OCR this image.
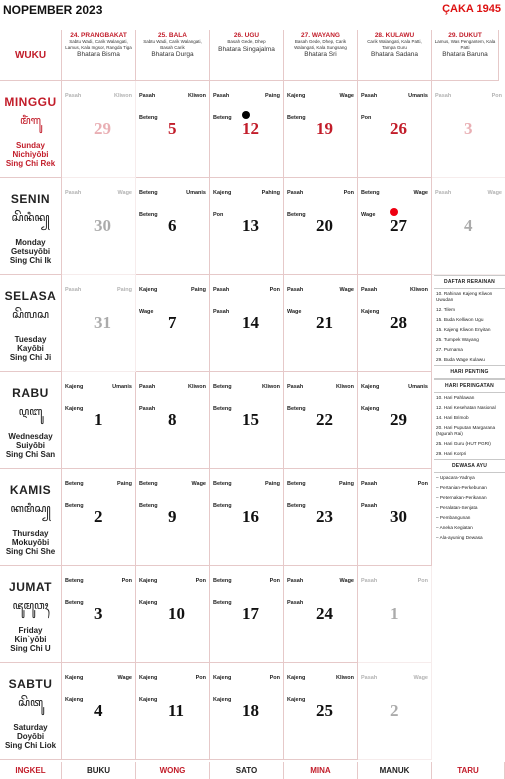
NOPEMBER 2023	ÇAKA 1945
WUKU
24. PRANGBAKAT
Sabtu Wadi, Carik Walangati, Lamus, Kala Ingsor, Rangda Tiga
Bhatara Bisma
25. BALA
Sabtu Wadi, Carik Walangati, Basah Carik
Bhatara Durga
26. UGU
Basah Gede, Dhep
Bhatara Singajalma
27. WAYANG
Basah Gede, Dhep, Carik Walangati, Kala Sungsang
Bhatara Sri
28. KULAWU
Carik Walangati, Kala Patti, Tampa Guru
Bhatara Sadana
29. DUKUT
Lamus, Was Pengantem, Kala Patti
Bhatara Baruna
MINGGU
ꦩꦶꦁꦒꦸ
Sunday
Nichiyōbi
Sing Chi Rek
SENIN
ꦱꦼꦤꦶꦤ꧀
Monday
Getsuyōbi
Sing Chi Ik
SELASA
ꦱꦼꦭꦱ
Tuesday
Kayōbi
Sing Chi Ji
RABU
ꦉꦧꦸ
Wednesday
Suiyōbi
Sing Chi San
KAMIS
ꦏꦩꦶꦱ꧀
Thursday
Mokuyōbi
Sing Chi She
JUMAT
ꦗꦸꦩꦸꦮꦃ
Friday
Kin`yōbi
Sing Chi U
SABTU
ꦱꦼꦠꦸ
Saturday
Doyōbi
Sing Chi Liok
Pasah	Kliwon
29
Pasah	Kliwon
Beteng
5
Pasah	Paing
Beteng
12
Kajeng	Wage
Beteng
19
Pasah	Umanis
Pon
26
Pasah	Pon
3
Pasah	Wage
30
Beteng	Umanis
Beteng
6
Kajeng	Pahing
Pon
13
Pasah	Pon
Beteng
20
Beteng	Wage
Wage
27
Pasah	Wage
4
Pasah	Paing
31
Kajeng	Paing
Wage
7
Pasah	Pon
Pasah
14
Pasah	Wage
Wage
21
Pasah	Kliwon
Kajeng
28
Kajeng	Umanis
Kajeng
1
Pasah	Kliwon
Pasah
8
Beteng	Kliwon
Beteng
15
Pasah	Kliwon
Beteng
22
Kajeng	Umanis
Kajeng
29
Beteng	Paing
Beteng
2
Beteng	Wage
Beteng
9
Beteng	Paing
Beteng
16
Beteng	Paing
Beteng
23
Pasah	Pon
Pasah
30
Beteng	Pon
Beteng
3
Kajeng	Pon
Kajeng
10
Beteng	Pon
Beteng
17
Pasah	Wage
Pasah
24
Pasah	Pon
1
Kajeng	Wage
Kajeng
4
Kajeng	Pon
Kajeng
11
Kajeng	Pon
Kajeng
18
Kajeng	Kliwon
Kajeng
25
Pasah	Wage
2
DAFTAR RERAINAN
10. Rahinan Kajeng Kliwon Uwudan
12. Tilem
15. Buda Kelliwon Ugu
15. Kajeng Kliwon Enyitan
25. Tumpek Wayang
27. Purnama
29. Buda Wage Kulawu
HARI PENTING
HARI PERINGATAN
10. Hari Pahlawan
12. Hari Kesehatan Nasional
14. Hari Brimob
20. Hari Puputan Margarana (Ngurah Rai)
25. Hari Guru (HUT PGRI)
29. Hari Korpri
DEWASA AYU
– Upacara-Yadnya
– Pertanian-Perkebunan
– Peternakan-Perikanan
– Peralatan-Senjata
– Pembangunan
– Aneka Kegiatan
– Ala-ayuning Dewasa
INGKEL	BUKU	WONG	SATO	MINA	MANUK	TARU
